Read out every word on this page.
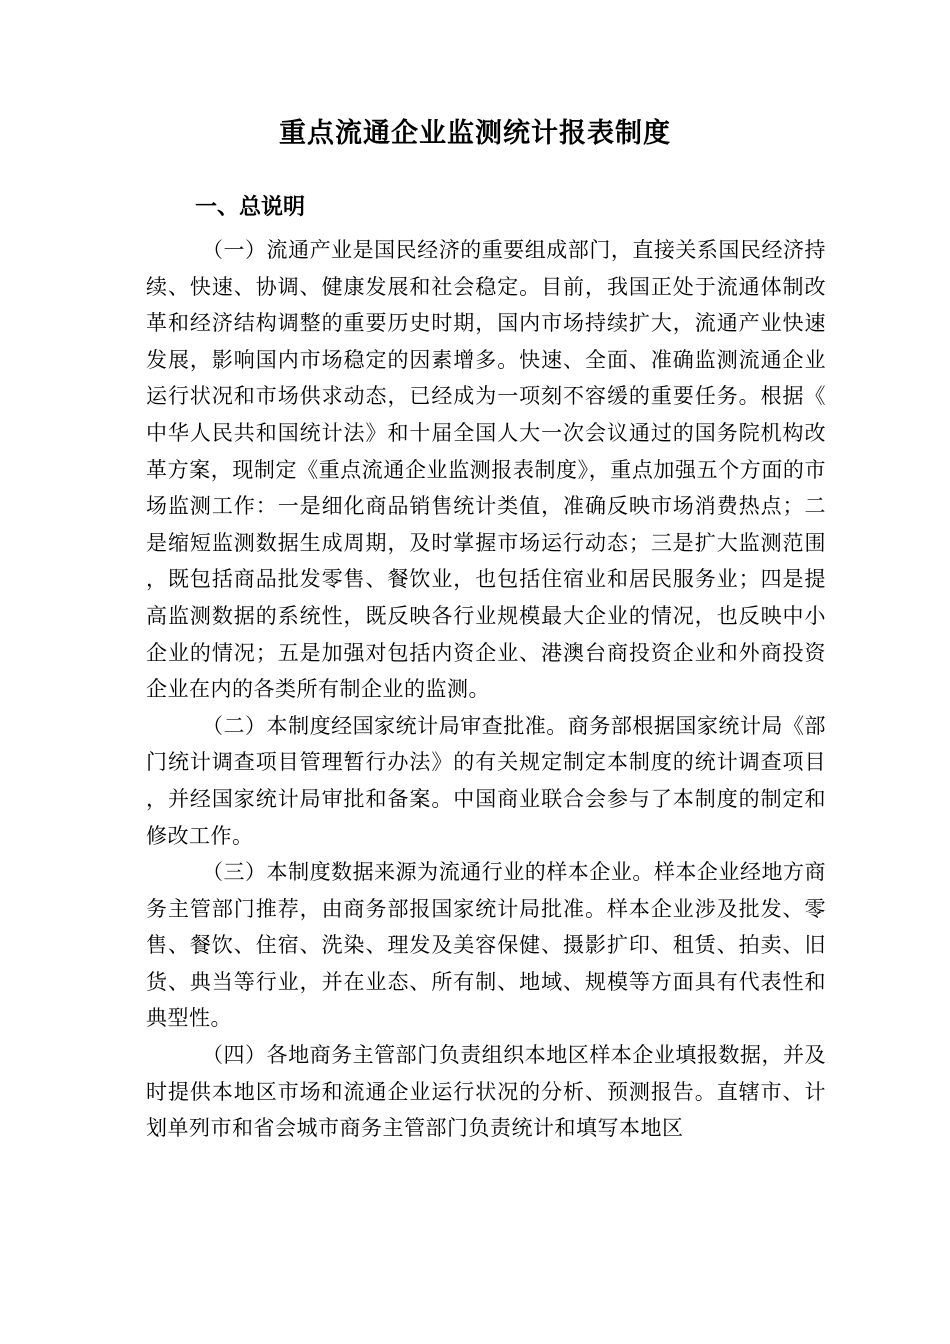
重点流通企业监测统计报表制度
一、总说明

（一）流通产业是国民经济的重要组成部门，直接关系国民经济持续、快速、协调、健康发展和社会稳定。目前，我国正处于流通体制改革和经济结构调整的重要历史时期，国内市场持续扩大，流通产业快速发展，影响国内市场稳定的因素增多。快速、全面、准确监测流通企业运行状况和市场供求动态，已经成为一项刻不容缓的重要任务。根据《中华人民共和国统计法》和十届全国人大一次会议通过的国务院机构改革方案，现制定《重点流通企业监测报表制度》，重点加强五个方面的市场监测工作：一是细化商品销售统计类值，准确反映市场消费热点；二是缩短监测数据生成周期，及时掌握市场运行动态；三是扩大监测范围，既包括商品批发零售、餐饮业，也包括住宿业和居民服务业；四是提高监测数据的系统性，既反映各行业规模最大企业的情况，也反映中小企业的情况；五是加强对包括内资企业、港澳台商投资企业和外商投资企业在内的各类所有制企业的监测。

（二）本制度经国家统计局审查批准。商务部根据国家统计局《部门统计调查项目管理暂行办法》的有关规定制定本制度的统计调查项目，并经国家统计局审批和备案。中国商业联合会参与了本制度的制定和修改工作。

（三）本制度数据来源为流通行业的样本企业。样本企业经地方商务主管部门推荐，由商务部报国家统计局批准。样本企业涉及批发、零售、餐饮、住宿、洗染、理发及美容保健、摄影扩印、租赁、拍卖、旧货、典当等行业，并在业态、所有制、地域、规模等方面具有代表性和典型性。

（四）各地商务主管部门负责组织本地区样本企业填报数据，并及时提供本地区市场和流通企业运行状况的分析、预测报告。直辖市、计划单列市和省会城市商务主管部门负责统计和填写本地区
